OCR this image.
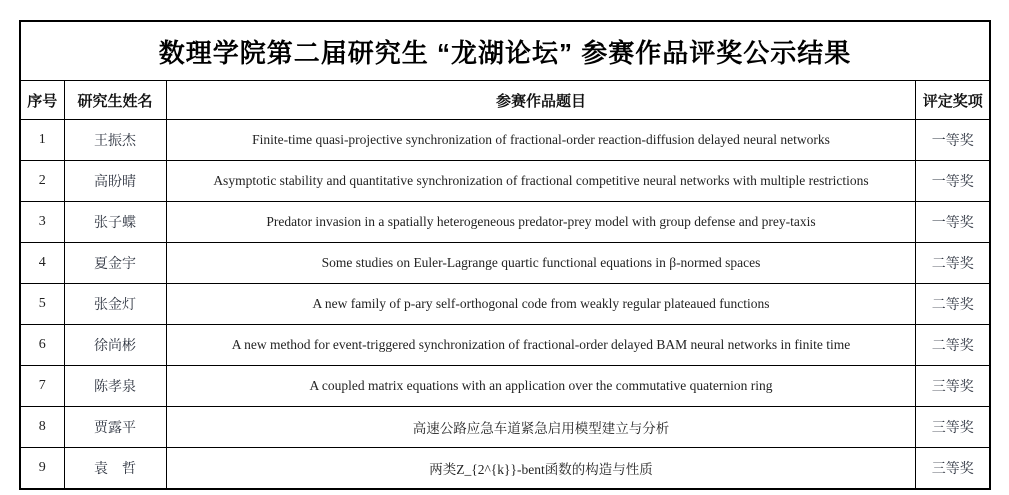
数理学院第二届研究生 “龙湖论坛” 参赛作品评奖公示结果			
序号	研究生姓名	参赛作品题目	评定奖项
1	王振杰	Finite-time quasi-projective synchronization of fractional-order reaction-diffusion delayed neural networks	一等奖
2	高盼晴	Asymptotic stability and quantitative synchronization of fractional competitive neural networks with multiple restrictions	一等奖
3	张子蝶	Predator invasion in a spatially heterogeneous predator-prey model with group defense and prey-taxis	一等奖
4	夏金宇	Some studies on Euler-Lagrange quartic functional equations in β-normed spaces	二等奖
5	张金灯	A new family of p-ary self-orthogonal code from weakly regular plateaued functions	二等奖
6	徐尚彬	A new method for event-triggered synchronization of fractional-order delayed BAM neural networks in finite time	二等奖
7	陈孝泉	A coupled matrix equations with an application over the commutative quaternion ring	三等奖
8	贾露平	高速公路应急车道紧急启用模型建立与分析	三等奖
9	袁　哲	两类Z_{2^{k}}-bent函数的构造与性质	三等奖
